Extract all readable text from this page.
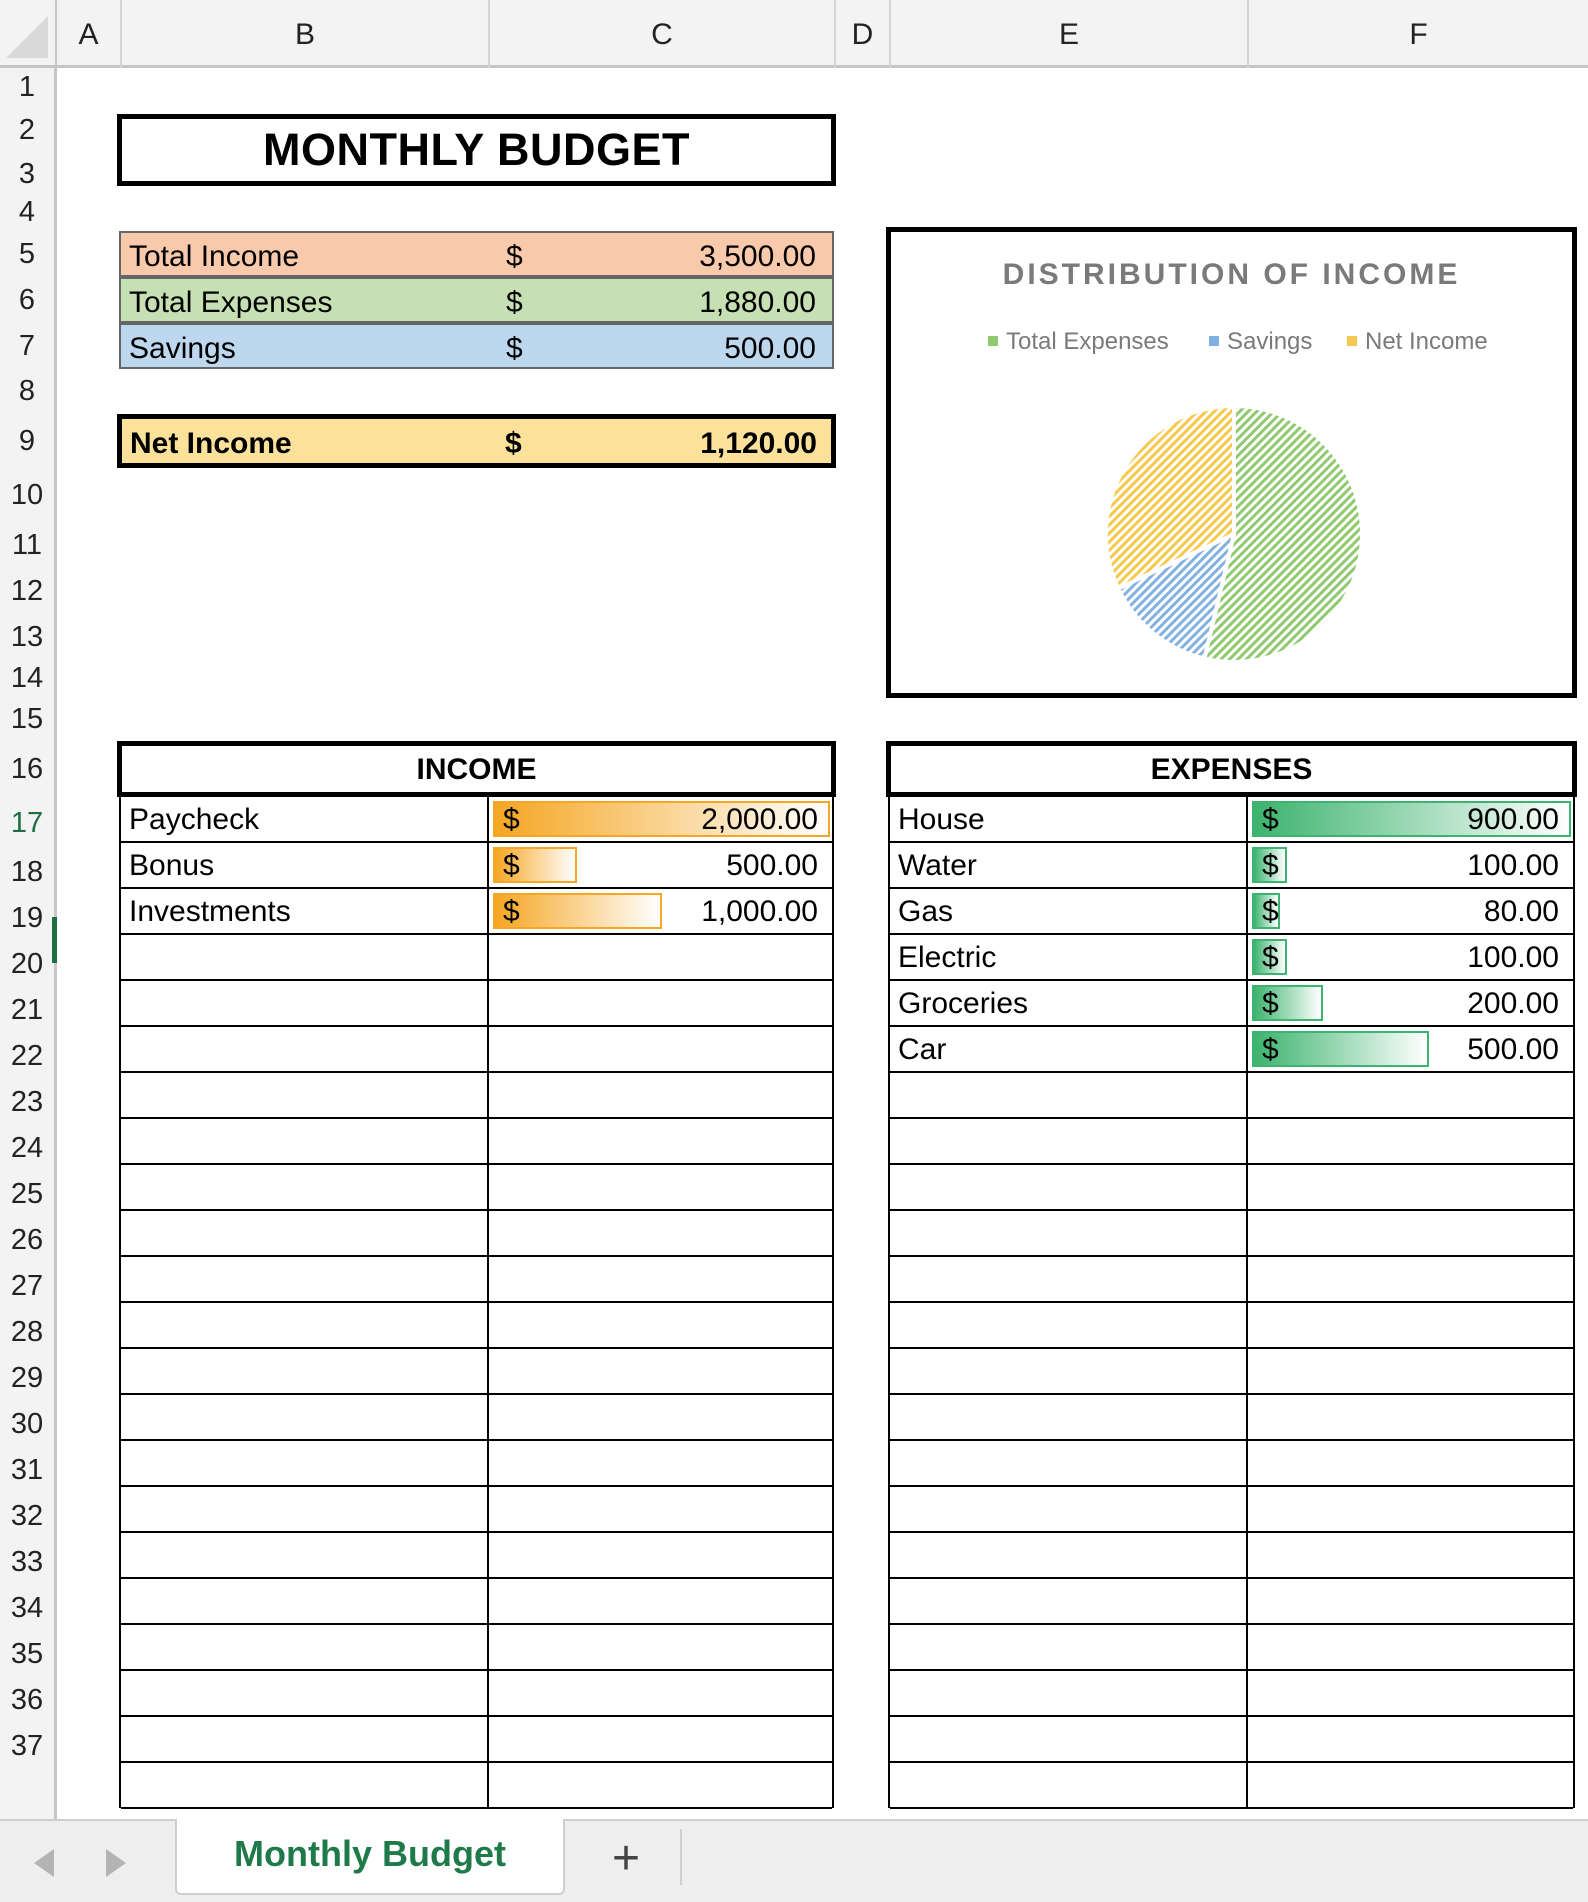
A	B	C	D	E	F
1
2
3
4
5
6
7
8
9
10
11
12
13
14
15
16
17
18
19
20
21
22
23
24
25
26
27
28
29
30
31
32
33
34
35
36
37
MONTHLY BUDGET
Total Income	$	3,500.00
Total Expenses	$	1,880.00
Savings	$	500.00
Net Income	$	1,120.00
DISTRIBUTION OF INCOME
Total Expenses	Savings	Net Income
INCOME
Paycheck	$	2,000.00
Bonus	$	500.00
Investments	$	1,000.00
EXPENSES
House	$	900.00
Water	$	100.00
Gas	$	80.00
Electric	$	100.00
Groceries	$	200.00
Car	$	500.00
Monthly Budget	+
